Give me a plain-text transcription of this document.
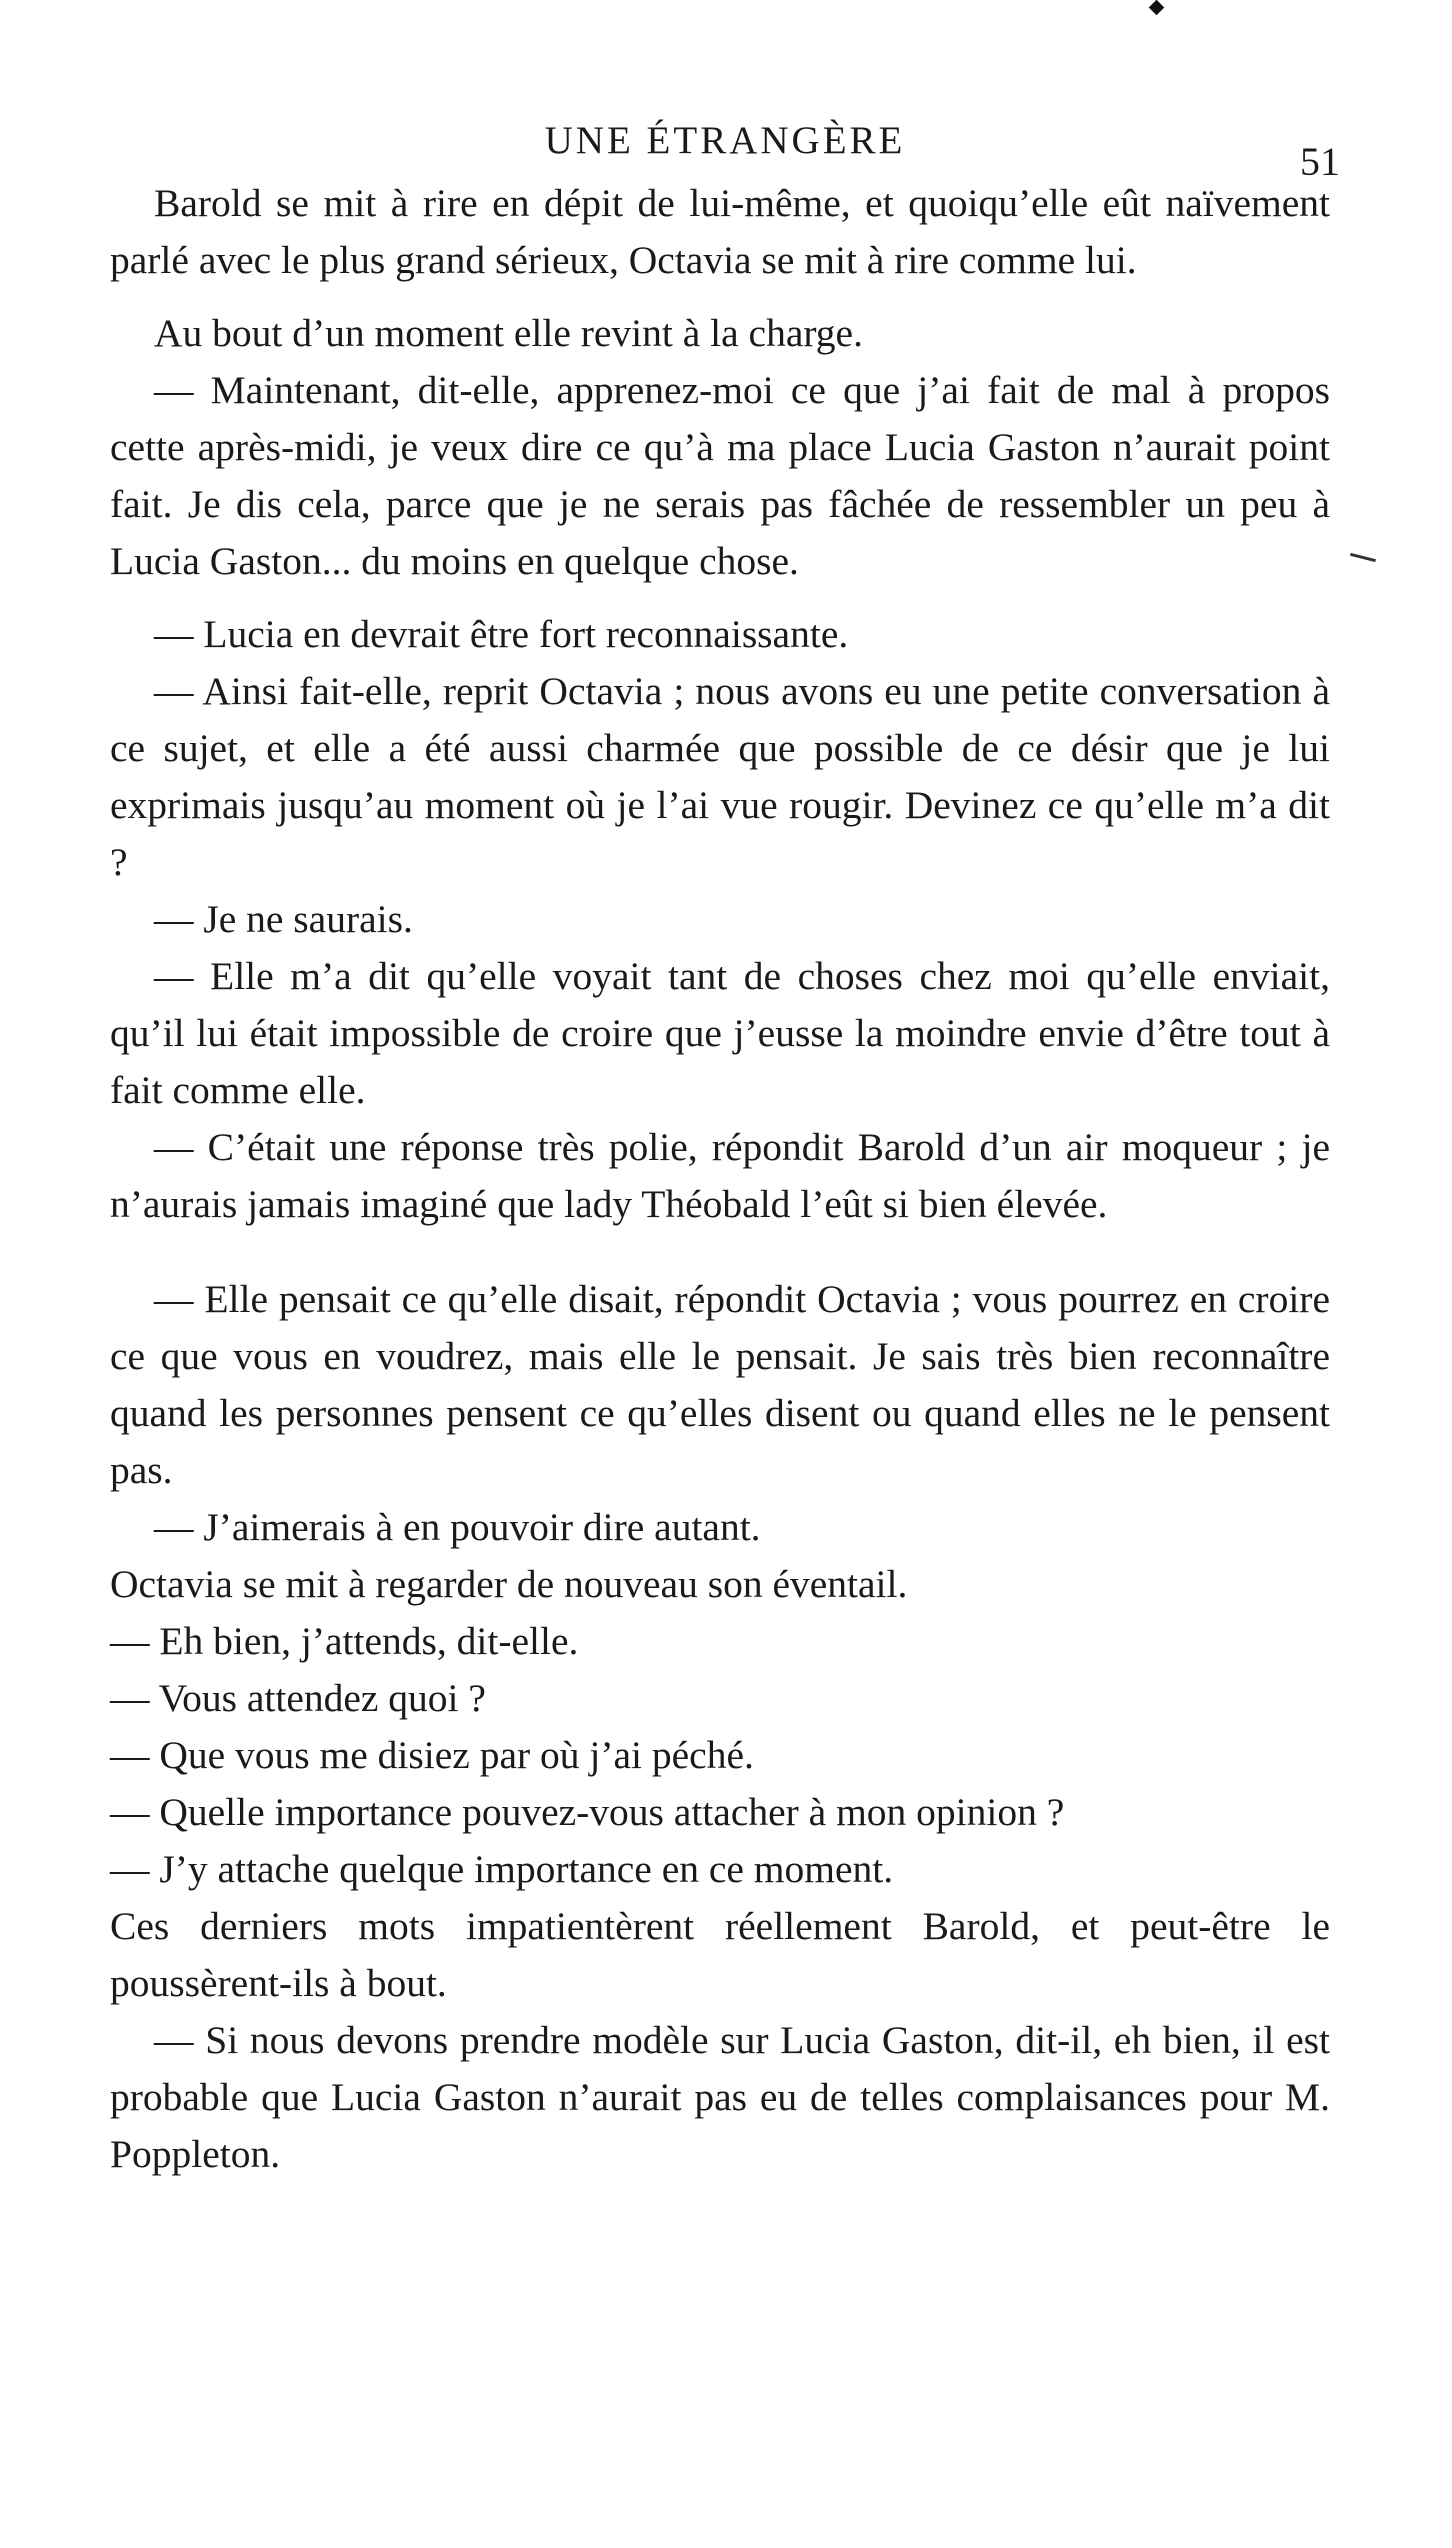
UNE ÉTRANGÈRE	51

Barold se mit à rire en dépit de lui-même, et quoiqu’elle eût naïvement parlé avec le plus grand sérieux, Octavia se mit à rire comme lui.

Au bout d’un moment elle revint à la charge.

— Maintenant, dit-elle, apprenez-moi ce que j’ai fait de mal à propos cette après-midi, je veux dire ce qu’à ma place Lucia Gaston n’aurait point fait. Je dis cela, parce que je ne serais pas fâchée de ressembler un peu à Lucia Gaston... du moins en quelque chose.

— Lucia en devrait être fort reconnaissante.

— Ainsi fait-elle, reprit Octavia ; nous avons eu une petite conversation à ce sujet, et elle a été aussi charmée que possible de ce désir que je lui exprimais jusqu’au moment où je l’ai vue rougir. Devinez ce qu’elle m’a dit ?

— Je ne saurais.

— Elle m’a dit qu’elle voyait tant de choses chez moi qu’elle enviait, qu’il lui était impossible de croire que j’eusse la moindre envie d’être tout à fait comme elle.

— C’était une réponse très polie, répondit Barold d’un air moqueur ; je n’aurais jamais imaginé que lady Théobald l’eût si bien élevée.

— Elle pensait ce qu’elle disait, répondit Octavia ; vous pourrez en croire ce que vous en voudrez, mais elle le pensait. Je sais très bien reconnaître quand les personnes pensent ce qu’elles disent ou quand elles ne le pensent pas.

— J’aimerais à en pouvoir dire autant.

Octavia se mit à regarder de nouveau son éventail.

— Eh bien, j’attends, dit-elle.

— Vous attendez quoi ?

— Que vous me disiez par où j’ai péché.

— Quelle importance pouvez-vous attacher à mon opinion ?

— J’y attache quelque importance en ce moment.

Ces derniers mots impatientèrent réellement Barold, et peut-être le poussèrent-ils à bout.

— Si nous devons prendre modèle sur Lucia Gaston, dit-il, eh bien, il est probable que Lucia Gaston n’aurait pas eu de telles complaisances pour M. Poppleton.
